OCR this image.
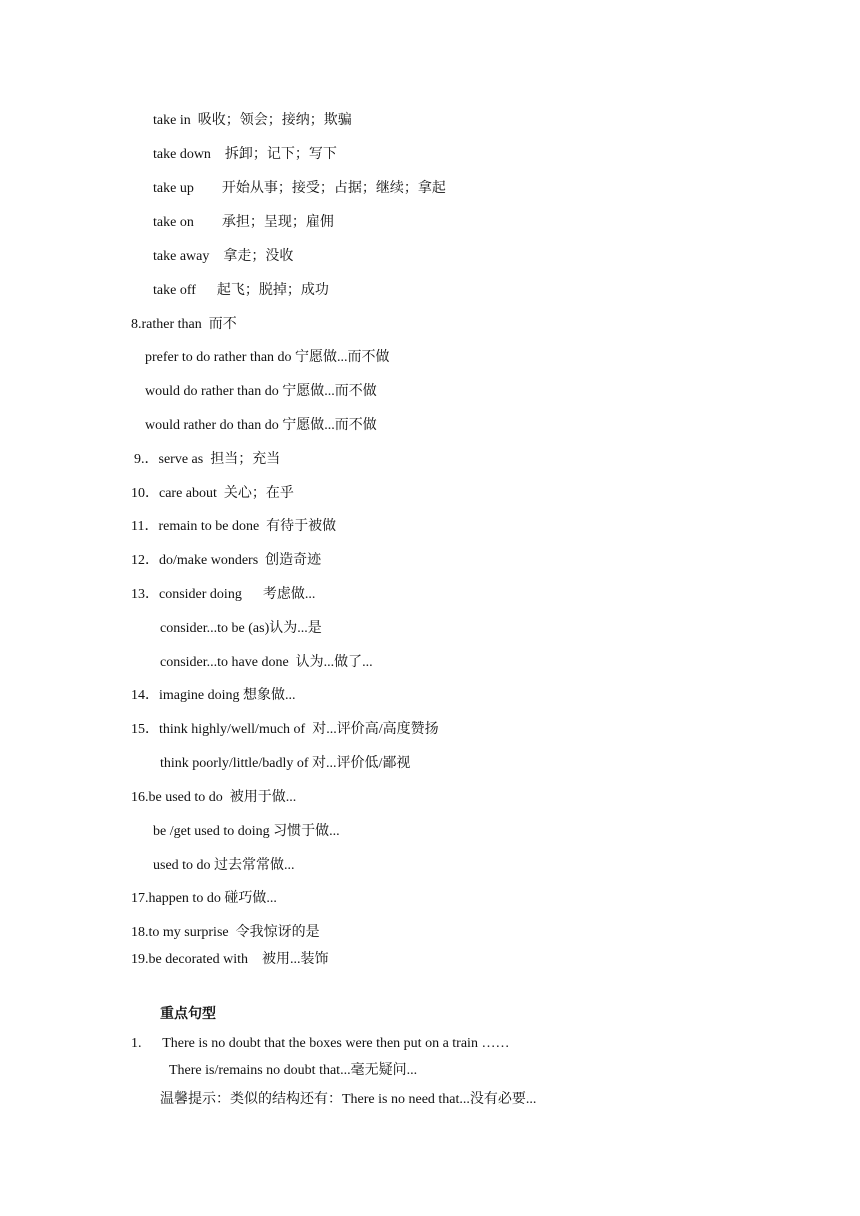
take in  吸收；领会；接纳；欺骗
take down    拆卸；记下；写下
take up        开始从事；接受；占据；继续；拿起
take on        承担；呈现；雇佣
take away    拿走；没收
take off      起飞；脱掉；成功
8.rather than  而不
prefer to do rather than do 宁愿做...而不做
would do rather than do 宁愿做...而不做
would rather do than do 宁愿做...而不做
9.．serve as  担当；充当
10．care about  关心；在乎
11．remain to be done  有待于被做
12．do/make wonders  创造奇迹
13．consider doing      考虑做...
consider...to be (as)认为...是
consider...to have done  认为...做了...
14．imagine doing 想象做...
15．think highly/well/much of  对...评价高/高度赞扬
think poorly/little/badly of 对...评价低/鄙视
16.be used to do  被用于做...
be /get used to doing 习惯于做...
used to do 过去常常做...
17.happen to do 碰巧做...
18.to my surprise  令我惊讶的是
19.be decorated with    被用...装饰
重点句型
1.      There is no doubt that the boxes were then put on a train ……
There is/remains no doubt that...毫无疑问...
温馨提示：类似的结构还有：There is no need that...没有必要...
